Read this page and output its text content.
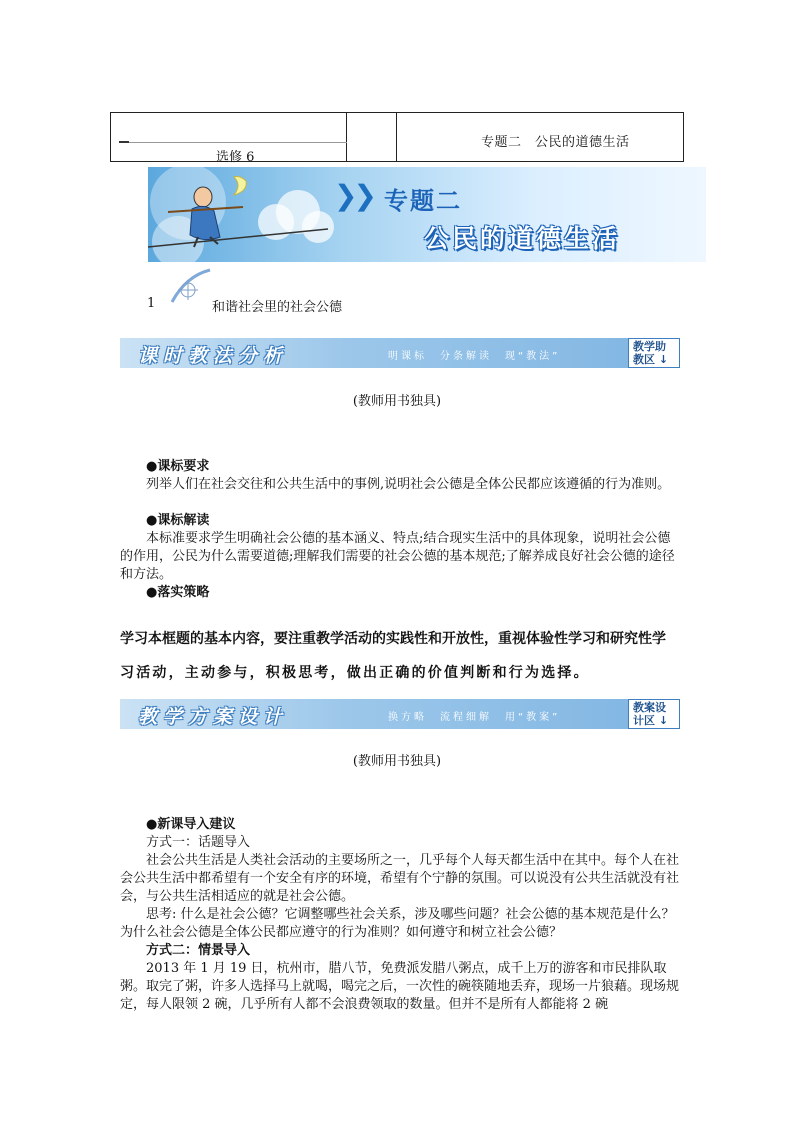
选修 6
专题二　公民的道德生活
❯❯ 专题二
公民的道德生活
1	和谐社会里的社会公德
课时教法分析	明课标　分条解读　现“教法”
教学助
教区 ↓
(教师用书独具)

●课标要求

列举人们在社会交往和公共生活中的事例,说明社会公德是全体公民都应该遵循的行为准则。

●课标解读

本标准要求学生明确社会公德的基本涵义、特点;结合现实生活中的具体现象，说明社会公德的作用，公民为什么需要道德;理解我们需要的社会公德的基本规范;了解养成良好社会公德的途径和方法。

●落实策略

学习本框题的基本内容，要注重教学活动的实践性和开放性，重视体验性学习和研究性学
习活动，主动参与，积极思考，做出正确的价值判断和行为选择。
教学方案设计	换方略　流程细解　用“教案”
教案设
计区 ↓
(教师用书独具)

●新课导入建议

方式一：话题导入

社会公共生活是人类社会活动的主要场所之一，几乎每个人每天都生活中在其中。每个人在社会公共生活中都希望有一个安全有序的环境，希望有个宁静的氛围。可以说没有公共生活就没有社会，与公共生活相适应的就是社会公德。

思考: 什么是社会公德？它调整哪些社会关系，涉及哪些问题？社会公德的基本规范是什么？为什么社会公德是全体公民都应遵守的行为准则？如何遵守和树立社会公德？

方式二：情景导入

2013 年 1 月 19 日，杭州市，腊八节，免费派发腊八粥点，成千上万的游客和市民排队取粥。取完了粥，许多人选择马上就喝，喝完之后，一次性的碗筷随地丢弃，现场一片狼藉。现场规定，每人限领 2 碗，几乎所有人都不会浪费领取的数量。但并不是所有人都能将 2 碗
